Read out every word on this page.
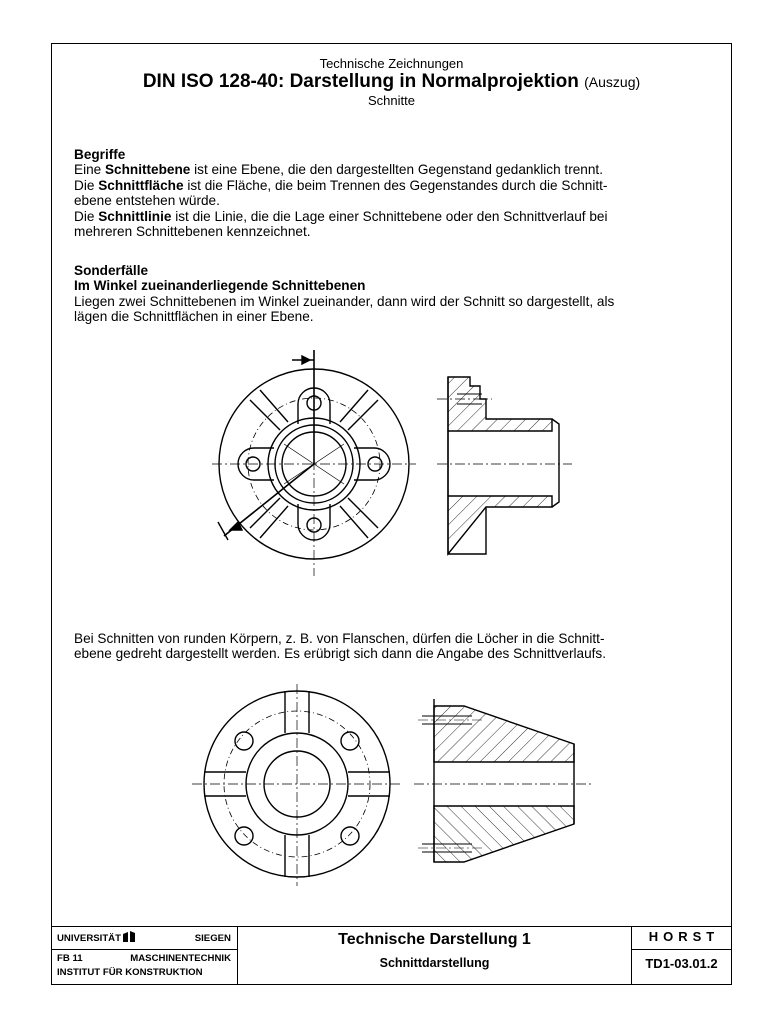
Technische Zeichnungen
DIN ISO 128-40: Darstellung in Normalprojektion (Auszug)
Schnitte
Begriffe
Eine Schnittebene ist eine Ebene, die den dargestellten Gegenstand gedanklich trennt.
Die Schnittfläche ist die Fläche, die beim Trennen des Gegenstandes durch die Schnitt-
ebene entstehen würde.
Die Schnittlinie ist die Linie, die die Lage einer Schnittebene oder den Schnittverlauf bei
mehreren Schnittebenen kennzeichnet.
Sonderfälle
Im Winkel zueinanderliegende Schnittebenen
Liegen zwei Schnittebenen im Winkel zueinander, dann wird der Schnitt so dargestellt, als
lägen die Schnittflächen in einer Ebene.
Bei Schnitten von runden Körpern, z. B. von Flanschen, dürfen die Löcher in die Schnitt-
ebene gedreht dargestellt werden. Es erübrigt sich dann die Angabe des Schnittverlaufs.
UNIVERSITÄT	SIEGEN
FB 11	MASCHINENTECHNIK
INSTITUT FÜR KONSTRUKTION
Technische Darstellung 1
Schnittdarstellung
HORST
TD1-03.01.2
